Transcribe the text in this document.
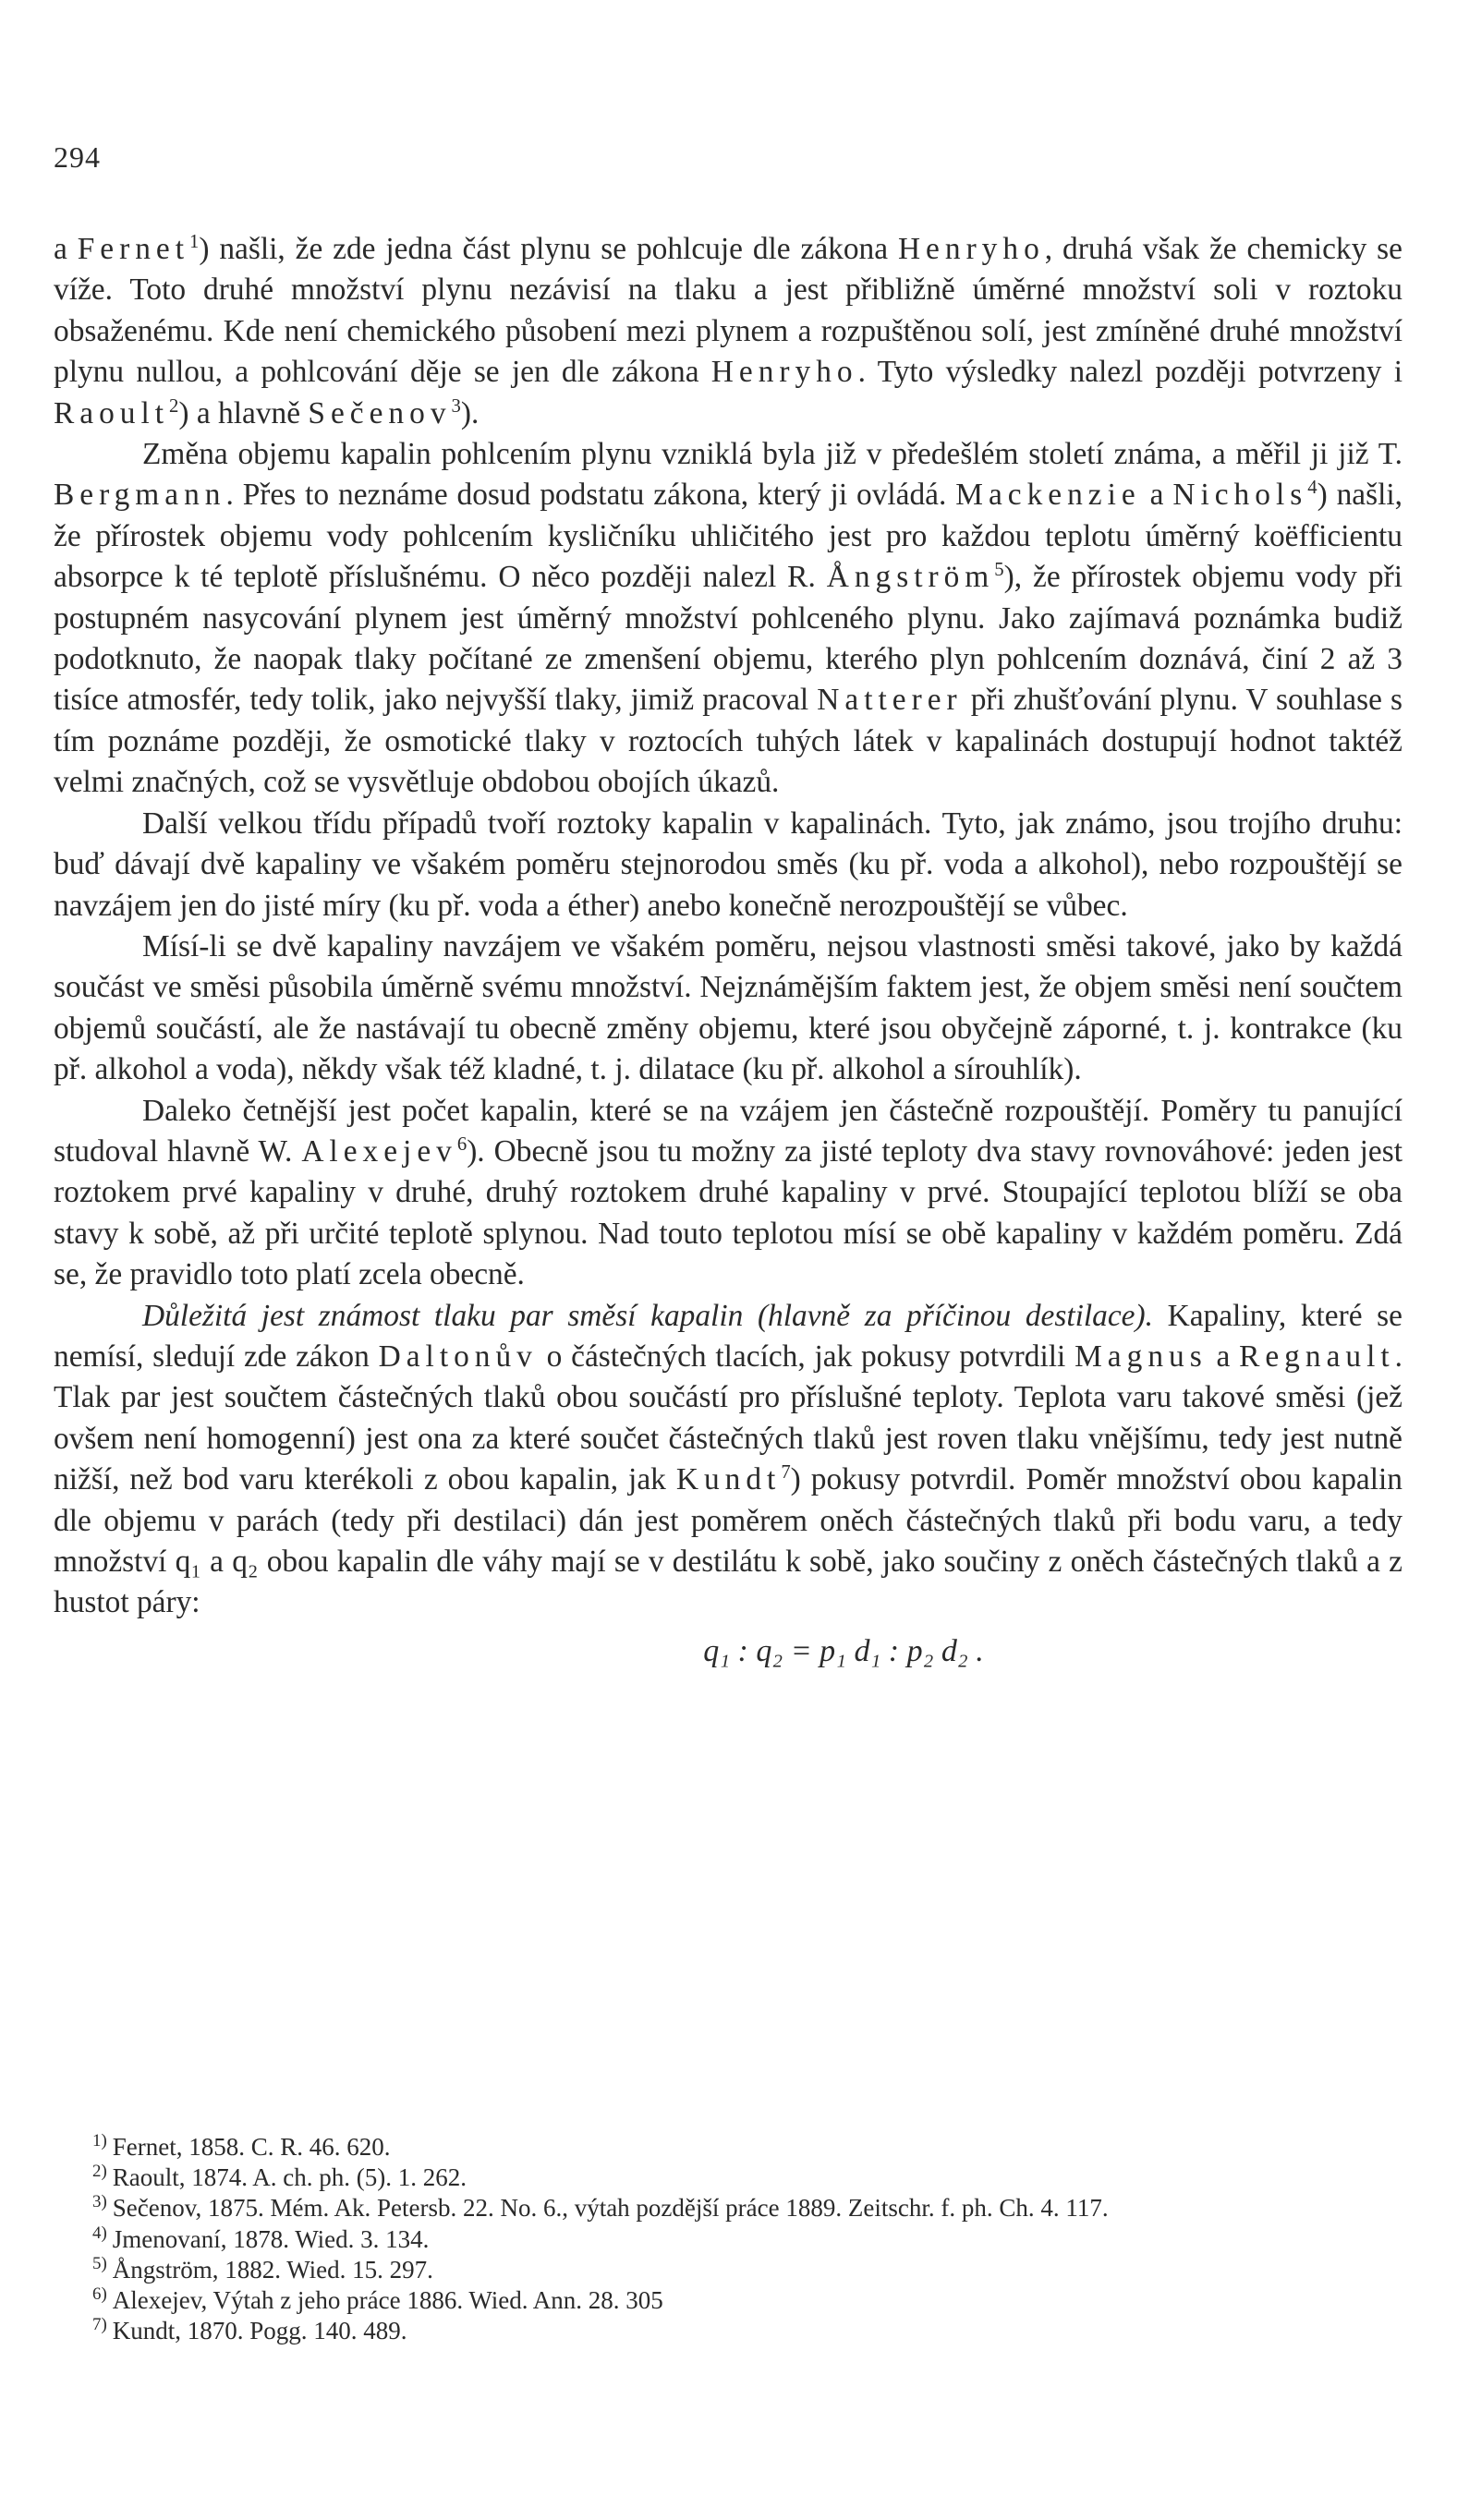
294

a Fernet$^1$) našli, že zde jedna část plynu se pohlcuje dle zákona Henryho, druhá však že chemicky se víže. Toto druhé množství plynu nezávisí na tlaku a jest přibližně úměrné množství soli v roztoku obsaženému. Kde není chemického působení mezi plynem a rozpuštěnou solí, jest zmíněné druhé množství plynu nullou, a pohlcování děje se jen dle zákona Henryho. Tyto výsledky nalezl později potvrzeny i Raoult$^2$) a hlavně Sečenov$^3$).

Změna objemu kapalin pohlcením plynu vzniklá byla již v předešlém století známa, a měřil ji již T. Bergmann. Přes to neznáme dosud podstatu zákona, který ji ovládá. Mackenzie a Nichols$^4$) našli, že přírostek objemu vody pohlcením kysličníku uhličitého jest pro každou teplotu úměrný koëfficientu absorpce k té teplotě příslušnému. O něco později nalezl R. Ångström$^5$), že přírostek objemu vody při postupném nasycování plynem jest úměrný množství pohlceného plynu. Jako zajímavá poznámka budiž podotknuto, že naopak tlaky počítané ze zmenšení objemu, kterého plyn pohlcením doznává, činí 2 až 3 tisíce atmosfér, tedy tolik, jako nejvyšší tlaky, jimiž pracoval Natterer při zhušťování plynu. V souhlase s tím poznáme později, že osmotické tlaky v roztocích tuhých látek v kapalinách dostupují hodnot taktéž velmi značných, což se vysvětluje obdobou obojích úkazů.

Další velkou třídu případů tvoří roztoky kapalin v kapalinách. Tyto, jak známo, jsou trojího druhu: buď dávají dvě kapaliny ve všakém poměru stejnorodou směs (ku př. voda a alkohol), nebo rozpouštějí se navzájem jen do jisté míry (ku př. voda a éther) anebo konečně nerozpouštějí se vůbec.

Mísí-li se dvě kapaliny navzájem ve všakém poměru, nejsou vlastnosti směsi takové, jako by každá součást ve směsi působila úměrně svému množství. Nejznámějším faktem jest, že objem směsi není součtem objemů součástí, ale že nastávají tu obecně změny objemu, které jsou obyčejně záporné, t. j. kontrakce (ku př. alkohol a voda), někdy však též kladné, t. j. dilatace (ku př. alkohol a sírouhlík).

Daleko četnější jest počet kapalin, které se na vzájem jen částečně rozpouštějí. Poměry tu panující studoval hlavně W. Alexejev$^6$). Obecně jsou tu možny za jisté teploty dva stavy rovnováhové: jeden jest roztokem prvé kapaliny v druhé, druhý roztokem druhé kapaliny v prvé. Stoupající teplotou blíží se oba stavy k sobě, až při určité teplotě splynou. Nad touto teplotou mísí se obě kapaliny v každém poměru. Zdá se, že pravidlo toto platí zcela obecně.

Důležitá jest známost tlaku par směsí kapalin (hlavně za příčinou destilace). Kapaliny, které se nemísí, sledují zde zákon Daltonův o částečných tlacích, jak pokusy potvrdili Magnus a Regnault. Tlak par jest součtem částečných tlaků obou součástí pro příslušné teploty. Teplota varu takové směsi (jež ovšem není homogenní) jest ona za které součet částečných tlaků jest roven tlaku vnějšímu, tedy jest nutně nižší, než bod varu kterékoli z obou kapalin, jak Kundt$^7$) pokusy potvrdil. Poměr množství obou kapalin dle objemu v parách (tedy při destilaci) dán jest poměrem oněch částečných tlaků při bodu varu, a tedy množství q₁ a q₂ obou kapalin dle váhy mají se v destilátu k sobě, jako součiny z oněch částečných tlaků a z hustot páry:

q₁ : q₂ = p₁ d₁ : p₂ d₂ .

$^{1)}$ Fernet, 1858. C. R. 46. 620.

$^{2)}$ Raoult, 1874. A. ch. ph. (5). 1. 262.

$^{3)}$ Sečenov, 1875. Mém. Ak. Petersb. 22. No. 6., výtah pozdější práce 1889. Zeitschr. f. ph. Ch. 4. 117.

$^{4)}$ Jmenovaní, 1878. Wied. 3. 134.

$^{5)}$ Ångström, 1882. Wied. 15. 297.

$^{6)}$ Alexejev, Výtah z jeho práce 1886. Wied. Ann. 28. 305

$^{7)}$ Kundt, 1870. Pogg. 140. 489.
